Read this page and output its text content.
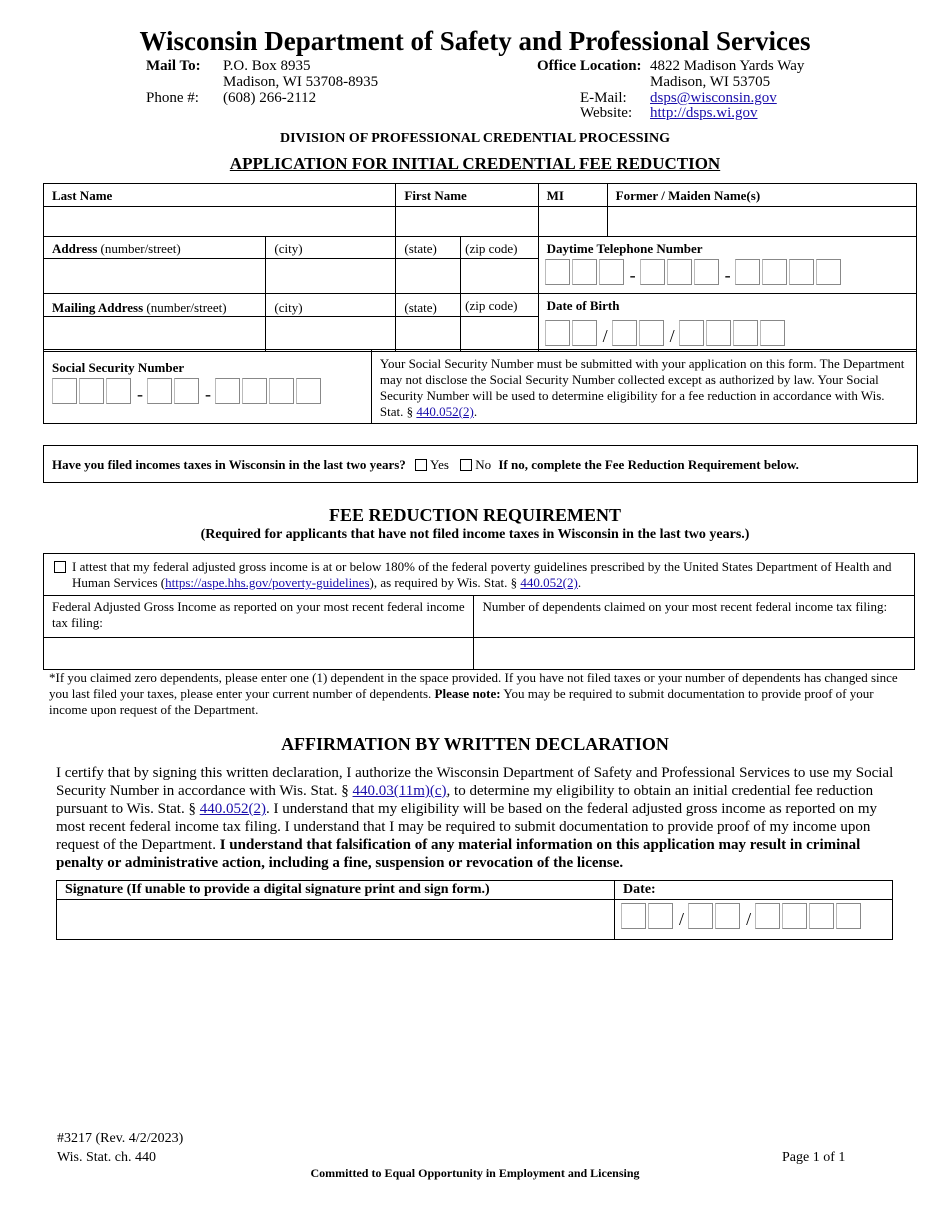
Wisconsin Department of Safety and Professional Services
Mail To: P.O. Box 8935
Madison, WI 53708-8935
Phone #: (608) 266-2112
Office Location: 4822 Madison Yards Way
Madison, WI 53705
E-Mail: dsps@wisconsin.gov
Website: http://dsps.wi.gov
DIVISION OF PROFESSIONAL CREDENTIAL PROCESSING
APPLICATION FOR INITIAL CREDENTIAL FEE REDUCTION
Last Name		First Name		MI	Former / Maiden Name(s)

Address (number/street)	(city)	(state)	(zip code)	Daytime Telephone Number
- -	

Mailing Address (number/street)	(city)	(state)	(zip code)	Date of Birth
/ /	

Social Security Number
-	-
	Your Social Security Number must be submitted with your application on this form. The Department may not disclose the Social Security Number collected except as authorized by law. Your Social Security Number will be used to determine eligibility for a fee reduction in accordance with Wis. Stat. § 440.052(2).
Have you filed incomes taxes in Wisconsin in the last two years? Yes No If no, complete the Fee Reduction Requirement below.
FEE REDUCTION REQUIREMENT
(Required for applicants that have not filed income taxes in Wisconsin in the last two years.)
I attest that my federal adjusted gross income is at or below 180% of the federal poverty guidelines prescribed by the United States Department of Health and Human Services (https://aspe.hhs.gov/poverty-guidelines), as required by Wis. Stat. § 440.052(2).	

Federal Adjusted Gross Income as reported on your most recent federal income tax filing:	Number of dependents claimed on your most recent federal income tax filing:

*If you claimed zero dependents, please enter one (1) dependent in the space provided. If you have not filed taxes or your number of dependents has changed since you last filed your taxes, please enter your current number of dependents. Please note: You may be required to submit documentation to provide proof of your income upon request of the Department.
AFFIRMATION BY WRITTEN DECLARATION
I certify that by signing this written declaration, I authorize the Wisconsin Department of Safety and Professional Services to use my Social Security Number in accordance with Wis. Stat. § 440.03(11m)(c), to determine my eligibility to obtain an initial credential fee reduction pursuant to Wis. Stat. § 440.052(2). I understand that my eligibility will be based on the federal adjusted gross income as reported on my most recent federal income tax filing. I understand that I may be required to submit documentation to provide proof of my income upon request of the Department. I understand that falsification of any material information on this application may result in criminal penalty or administrative action, including a fine, suspension or revocation of the license.
Signature (If unable to provide a digital signature print and sign form.)	Date:

	/ /
#3217 (Rev. 4/2/2023)
Wis. Stat. ch. 440
Committed to Equal Opportunity in Employment and Licensing
Page 1 of 1
